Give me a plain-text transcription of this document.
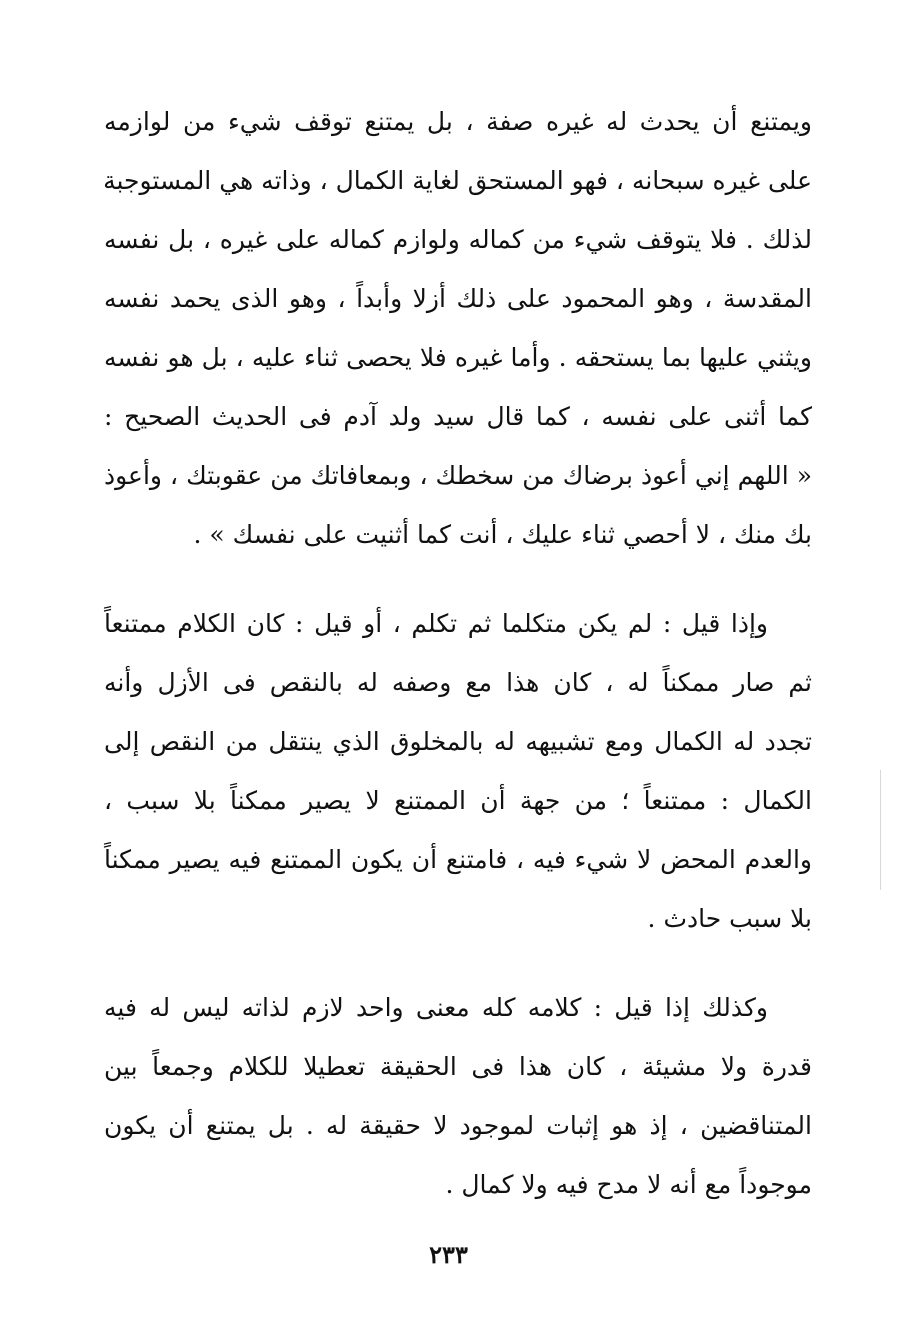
ويمتنع أن يحدث له غيره صفة ، بل يمتنع توقف شيء من لوازمه
على غيره سبحانه ، فهو المستحق لغاية الكمال ، وذاته هي المستوجبة
لذلك . فلا يتوقف شيء من كماله ولوازم كماله على غيره ، بل نفسه
المقدسة ، وهو المحمود على ذلك أزلا وأبداً ، وهو الذى يحمد نفسه
ويثني عليها بما يستحقه . وأما غيره فلا يحصى ثناء عليه ، بل هو نفسه
كما أثنى على نفسه ، كما قال سيد ولد آدم فى الحديث الصحيح :
« اللهم إني أعوذ برضاك من سخطك ، وبمعافاتك من عقوبتك ، وأعوذ
بك منك ، لا أحصي ثناء عليك ، أنت كما أثنيت على نفسك » .
وإذا قيل : لم يكن متكلما ثم تكلم ، أو قيل : كان الكلام ممتنعاً
ثم صار ممكناً له ، كان هذا مع وصفه له بالنقص فى الأزل وأنه
تجدد له الكمال ومع تشبيهه له بالمخلوق الذي ينتقل من النقص إلى
الكمال : ممتنعاً ؛ من جهة أن الممتنع لا يصير ممكناً بلا سبب ،
والعدم المحض لا شيء فيه ، فامتنع أن يكون الممتنع فيه يصير ممكناً
بلا سبب حادث .
وكذلك إذا قيل : كلامه كله معنى واحد لازم لذاته ليس له فيه
قدرة ولا مشيئة ، كان هذا فى الحقيقة تعطيلا للكلام وجمعاً بين
المتناقضين ، إذ هو إثبات لموجود لا حقيقة له . بل يمتنع أن يكون
موجوداً مع أنه لا مدح فيه ولا كمال .
٢٣٣
